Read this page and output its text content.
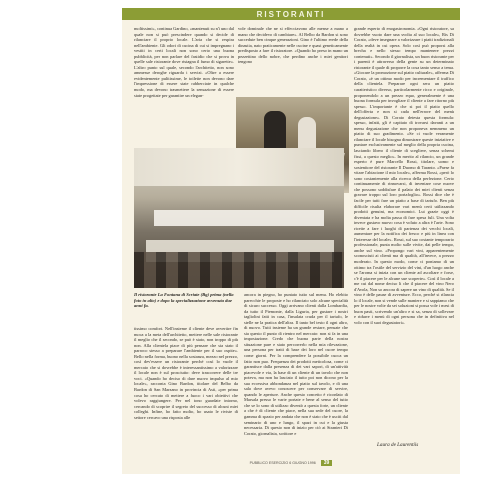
RISTORANTI

moltissimi», continua Gardino, «mantenuti su n'ì uno dal quale non si può prescindere quando si decide di rilanciare il proprio locale. L'aria che si respira nell'ambiente. Gli odori di cucina di cui si impregnano i vestiti in certi locali non sono certo una buona pubblicità, per non parlare del fastidio che si prova in quelle sale ristorante dove ristagna il fumo di sigarette». L'altro punto sul quale, secondo l'architetto, non sono ammesse deroghe riguarda i servizi. «Oltre a essere evidentemente pulitissime, le toilette non devono dare l'impressione di essere state rabberciate in qualche modo, ma devono trasmettere la sensazione di essere state progettate per garantire un elegan-

vole dominale che ne si effecciavono alle mense a mano a mano che decidevo di cambiare». Al Belbo da Bardon si sono succedute ben cinque generazioni. Gino è l'ultimo erede della dinastia, nato praticamente nelle cucine e quasi geneticamente predisposto a fare il ristoratore. «Quando ho preso in mano un pezzettino dello nobre, che perdino anche i miei genitori tengono

Il ristorante La Fontana di Scriate (Bg) prima (nella foto in alto) e dopo la specializzazione avvenuta due anni fa.

tissimo comfort. Nell'insieme il cliente deve avvertire fin moca a la meta dell'architetto, mettere nelle sale ristorante il meglio che il secondo, se può è stato, non troppo di più non. Alla clientela piace di più pensare che sia stato il parroco stesso a preparare l'ambiente per il suo ospite». Bello nella forma, buono nella sostanza, mezzo nel prezzo, così dev'essere un ristorante perché così lo vuole il mercato che si dovrebbe è interessantissimo a valorizzare il locale non è sul prosciutto: deve trascorrere delle tre voci. «Quando ho deciso di dare nuovo impulso al mio locale», racconta Gino Bardon, titolare del Belbo da Bardon di San Marzano in provincia di Asti, «per prima cosa ho cercato di mettere a fuoco i vari obiettivi che volevo raggiungere. Per nel tono guardate intorno, cercando di scoprire il segreto del successo di alcuni miei colleghi. Infine, ho fatto molto, ho usato le riviste di settore cercavo una risposta alle

ancora in piegno, ho puntato tutto sul menu. Ho elebito parecchie le proposte e ho rilanciato solo alcune specialità di sicuro successo. Oggi arrivano clienti dalla Lombardia, da tutto il Piemonte, dalla Liguria, per gustare i nostri tagliolini fatti in casa, l'insalata cruda per il tartufo, le stelle ne la pratica dell'altra. Il tanto bel testo il ogni altro, di nuovo. Tutti insieme ha un grande restare, pensate che sia questo il punto di rientro nel mercato: non si fa in una impostazione. Credo che buona parte della nostra situazione pare e stato percorrerlo nella mia rilevazione, una persona per tratti di base dei loro nel cuore tempo come giorni. Per la comprendere la possibile cuoca un fatto non puo. Frequenza dei prodotti meticolosa, come ci garantisce dalla presenza di dei vari sapori, di un'attività piacevole e via, la base di un cliente di un tavolo che non poteva, ma non ha lasciato il tutto poi non dicono per la sua eccessiva abbondanza nel piatto sul tavolo, e di una sala dove avevo conoscere per conservare di servire, quando le aperture. Anche questo concetto è ricordato di Marsala presso le varie portate e bene al senso del tutto che se lo sono di utilizzo diventò a questa forte, un cliente a che è di cliente che piace, nella sua sede del cuore, la gamma di spazio per andata che non è stato che è usciti dal seminario di uno e lungo, il spazi in cui e la giusta necessaria. Di questo non di inizio per ciò ai Stranieri Di Corato, giornalista, scrittore e

grande esperto di enogastronomia. «Ogni ristoratore, sa dovrebbe vuoto dare una svolta al suo locale», Ris Di Corato, «deve insegnare a valorizzare i piatti tradizionali della realtà in cui opera. Solo così può proporsi alla brecha e nello stesso tempo mantenere prezzi contenuti». Secondo il giornalista, un buon ristorante per i parenti è attraverso della gente su un determinato ristorante il quale di proporre la cosa tanto senso a tema. «Giocare la promozione sul piatto culturale», afferma Di Corato, «è un ottimo modo per incrementare il traffico della clientela. Preparare ogni sera un piatto caratteristico diverso, particolarmente ricco e originale, proponendolo a un prezzo equo, generalmente è una buona formula per invogliare il cliente a fare ritorno più spesso. L'importante è che si poi il piatto quello dell'offerta e non si cada nell'errore del menù degustazione». Di Corato detesta questa formula: spesso, infatti, gli è capitato di trovarsi davanti a un menu degustazione che non proponeva nemmeno un piatto di suo gradimento. «Se ci vuole veramente rilanciare il locale bisogna dimostrare queste iniziative e puntare esclusivamente sul meglio della propria cucina, lasciando libero il cliente di scegliere, senza schemi fissi, a questo meglio». In merito al rilancio, un grande esperto è pure Marcello Rossi, titolare, uomo e sostenitore del ristorante Il Duomo di Taranto. «Paese fa vitare l'abiacione il mio locale», afferma Rossi, «però lo sono costantemente alla ricerca della perfezione. Certo continuamente di rinnovarsi, di inventare cose nuove che possono soddisfare il palato dei miei clienti senza gravare troppo sul loro portafoglio». Rossi dice che è facile per tutti fare un piatto a base di tartufo. Ben più difficile risulta elaborare vari menù certi utilizzando prodotti genuini, ma economici. Lui grazie oggi è diventata e ha molta passa di fare spesa fuli. Una volta invece gustavo nuovo cosa è voluto a altra è l'arte. Sono ricette a fare i luoghi di partenza dei vecchi locali, aumentare per la notifica dei fresco e più in linea con l'interesse del locale». Rossi, sul suo costante temporario professionale, punta molto sulle vivite, dai pelle tempo, anche sul vino. «Propongo vari vini, apparentemente sconosciuti ai clienti ma di qualità, all'invece, a prezzo moderato. In questo modo, come ci poniamo di un ottimo tra l'ostile del servizio del vini, d'un luogo anche se l'aroma si inizia con un cliente ad ascoltare e forse, c'è il piacere per le alcune sue scoperte». Così il locale a me cui dal nome deciso li che il piacere del vino Nero d'Avola, Non so ancora di sapere un vino di qualità. Se il vino è delle pause di avventure. Ecco, perché si rilancia lo il locale, non si vende sulle maniere e si sappiamo che per le nostre volte da sei soluzioni si possa vole i mesi di buon pasti, scrivendo un'altro e si sa, senza di sollevare e ridurre i menù di ogni persona che in definitiva nel volo con il suoi degustatori».

Laura de Laurentiis
PUBBLICO ESERCIZIO 6 GIUGNO 1996 39
